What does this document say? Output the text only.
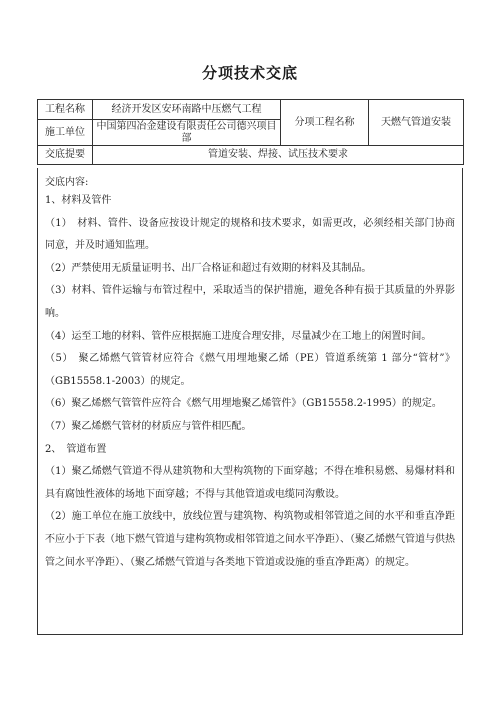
分项技术交底
工程名称	经济开发区安环南路中压燃气工程	分项工程名称	天燃气管道安装
施工单位	中国第四冶金建设有限责任公司德兴项目部		
交底提要	管道安装、焊接、试压技术要求		
交底内容:

1、材料及管件

（1）　材料、管件、设备应按设计规定的规格和技术要求，如需更改，必须经相关部门协商同意，并及时通知监理。

（2）严禁使用无质量证明书、出厂合格证和超过有效期的材料及其制品。

（3）材料、管件运输与布管过程中，采取适当的保护措施，避免各种有损于其质量的外界影响。

（4）运至工地的材料、管件应根据施工进度合理安排，尽量减少在工地上的闲置时间。

（5）　聚乙烯燃气管管材应符合《燃气用埋地聚乙烯（PE）管道系统第 1 部分“管材”》（GB15558.1-2003）的规定。

（6）聚乙烯燃气管管件应符合《燃气用埋地聚乙烯管件》（GB15558.2-1995）的规定。

（7）聚乙烯燃气管材的材质应与管件相匹配。

2、　管道布置

（1）聚乙烯燃气管道不得从建筑物和大型构筑物的下面穿越；不得在堆积易燃、易爆材料和具有腐蚀性液体的场地下面穿越；不得与其他管道或电缆同沟敷设。

（2）施工单位在施工放线中，放线位置与建筑物、构筑物或相邻管道之间的水平和垂直净距不应小于下表（地下燃气管道与建构筑物或相邻管道之间水平净距）、（聚乙烯燃气管道与供热管之间水平净距）、（聚乙烯燃气管道与各类地下管道或设施的垂直净距离）的规定。
